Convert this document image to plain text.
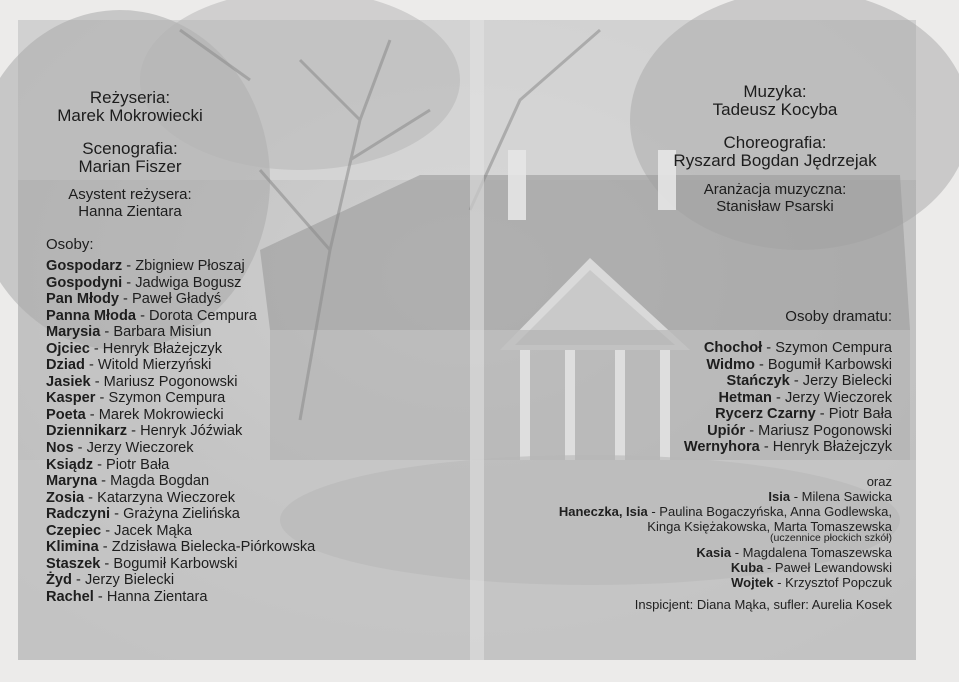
Reżyseria:
Marek Mokrowiecki
Scenografia:
Marian Fiszer
Asystent reżysera:
Hanna Zientara
Osoby:
Gospodarz - Zbigniew Płoszaj
Gospodyni - Jadwiga Bogusz
Pan Młody - Paweł Gładyś
Panna Młoda - Dorota Cempura
Marysia - Barbara Misiun
Ojciec - Henryk Błażejczyk
Dziad - Witold Mierzyński
Jasiek - Mariusz Pogonowski
Kasper - Szymon Cempura
Poeta - Marek Mokrowiecki
Dziennikarz - Henryk Jóźwiak
Nos - Jerzy Wieczorek
Ksiądz - Piotr Bała
Maryna - Magda Bogdan
Zosia - Katarzyna Wieczorek
Radczyni - Grażyna Zielińska
Czepiec - Jacek Mąka
Klimina - Zdzisława Bielecka-Piórkowska
Staszek - Bogumił Karbowski
Żyd - Jerzy Bielecki
Rachel - Hanna Zientara
Muzyka:
Tadeusz Kocyba
Choreografia:
Ryszard Bogdan Jędrzejak
Aranżacja muzyczna:
Stanisław Psarski
Osoby dramatu:
Chochoł - Szymon Cempura
Widmo - Bogumił Karbowski
Stańczyk - Jerzy Bielecki
Hetman - Jerzy Wieczorek
Rycerz Czarny - Piotr Bała
Upiór - Mariusz Pogonowski
Wernyhora - Henryk Błażejczyk
oraz
Isia - Milena Sawicka
Haneczka, Isia - Paulina Bogaczyńska, Anna Godlewska,
Kinga Księżakowska, Marta Tomaszewska
(uczennice płockich szkół)
Kasia - Magdalena Tomaszewska
Kuba - Paweł Lewandowski
Wojtek - Krzysztof Popczuk
Inspicjent: Diana Mąka, sufler: Aurelia Kosek
